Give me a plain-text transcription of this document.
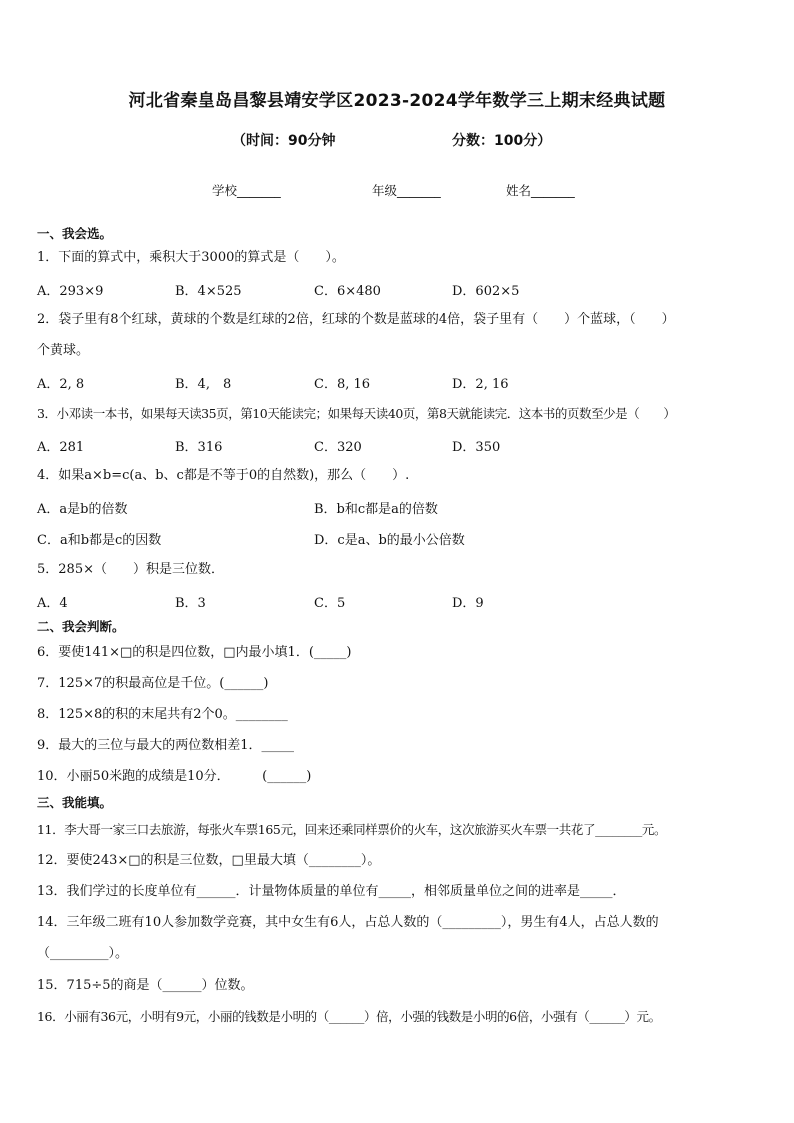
河北省秦皇岛昌黎县靖安学区2023-2024学年数学三上期末经典试题
（时间：90分钟	分数：100分）
学校_______	年级_______	姓名_______
一、我会选。
1．下面的算式中，乘积大于3000的算式是（　　）。
A．293×9	B．4×525	C．6×480	D．602×5
2．袋子里有8个红球，黄球的个数是红球的2倍，红球的个数是蓝球的4倍，袋子里有（　　）个蓝球，（　　）
个黄球。
A．2, 8	B．4,　8	C．8, 16	D．2, 16
3．小邓读一本书，如果每天读35页，第10天能读完；如果每天读40页，第8天就能读完．这本书的页数至少是（　　）
A．281	B．316	C．320	D．350
4．如果a×b=c(a、b、c都是不等于0的自然数)，那么（　　）.
A．a是b的倍数	B．b和c都是a的倍数
C．a和b都是c的因数	D．c是a、b的最小公倍数
5．285×（　　）积是三位数．
A．4	B．3	C．5	D．9
二、我会判断。
6．要使141×□的积是四位数，□内最小填1．(_____)
7．125×7的积最高位是千位。(______)
8．125×8的积的末尾共有2个0。________
9．最大的三位与最大的两位数相差1．_____
10．小丽50米跑的成绩是10分．　　　(______)
三、我能填。
11．李大哥一家三口去旅游，每张火车票165元，回来还乘同样票价的火车，这次旅游买火车票一共花了________元。
12．要使243×□的积是三位数，□里最大填（________）。
13．我们学过的长度单位有______．计量物体质量的单位有_____，相邻质量单位之间的进率是_____．
14．三年级二班有10人参加数学竞赛，其中女生有6人，占总人数的（_________），男生有4人，占总人数的
（_________）。
15．715÷5的商是（______）位数。
16．小丽有36元，小明有9元，小丽的钱数是小明的（______）倍，小强的钱数是小明的6倍，小强有（______）元。
